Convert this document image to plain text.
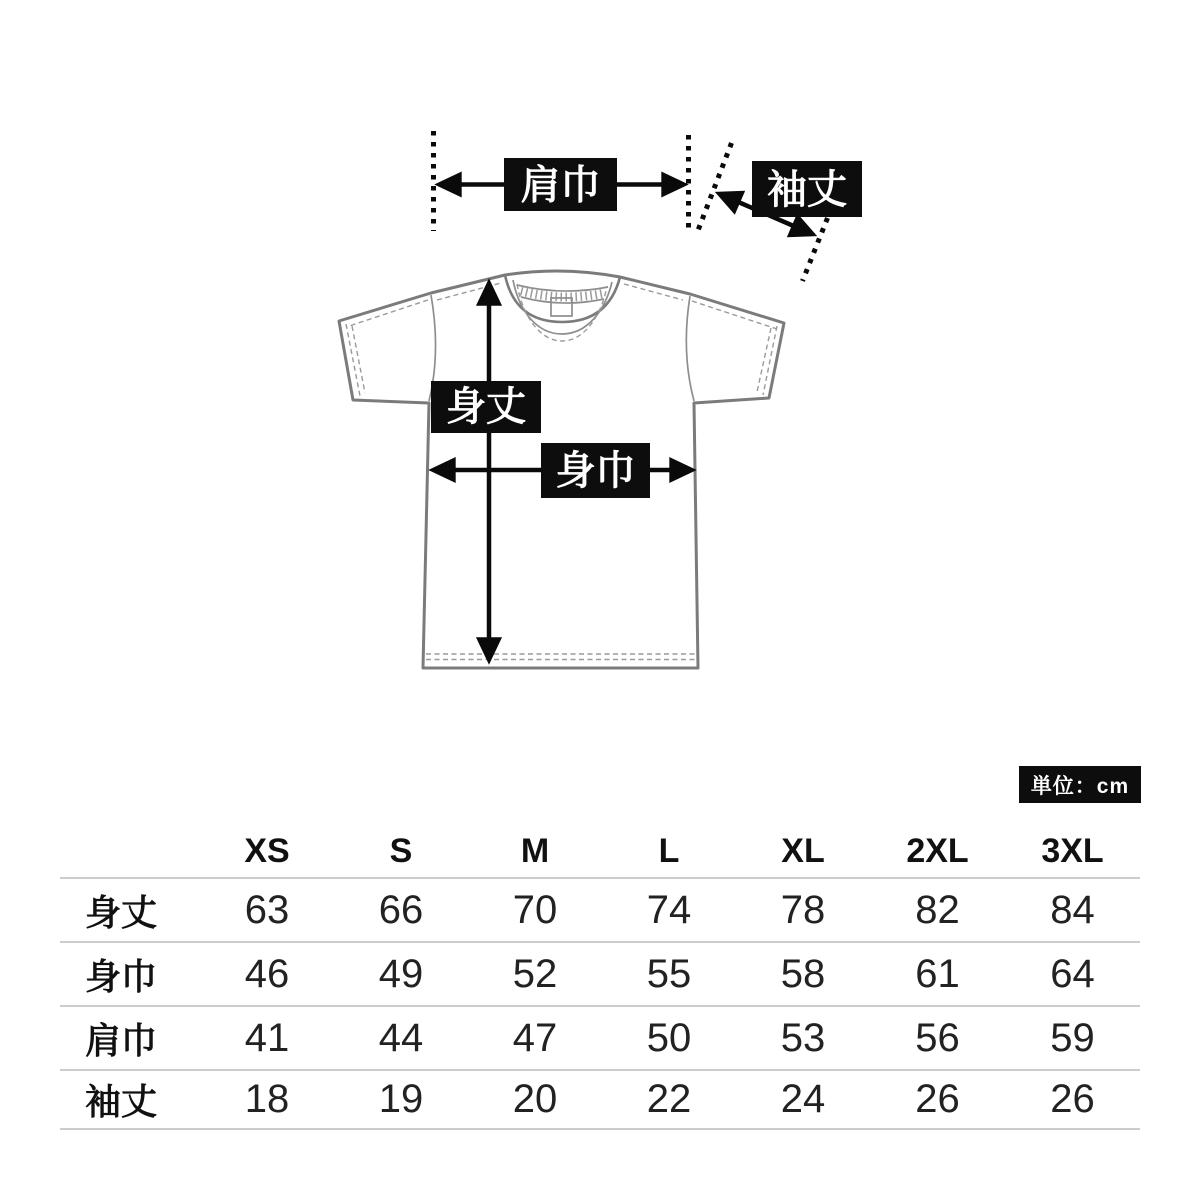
肩巾	袖丈
身丈
身巾
単位：cm
	XS	S	M	L	XL	2XL	3XL
身丈	63	66	70	74	78	82	84
身巾	46	49	52	55	58	61	64
肩巾	41	44	47	50	53	56	59
袖丈	18	19	20	22	24	26	26
